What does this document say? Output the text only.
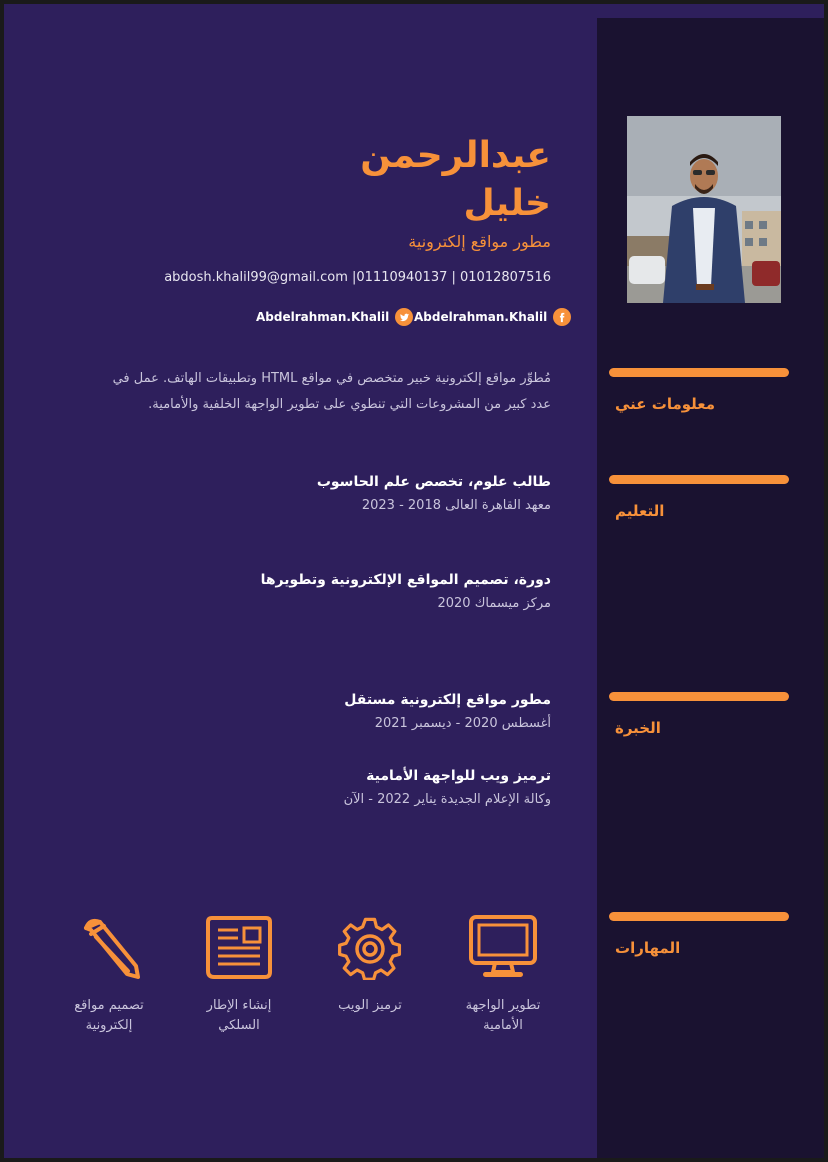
عبدالرحمن
خليل
مطور مواقع إلكترونية
abdosh.khalil99@gmail.com |01110940137 | 01012807516
Abdelrahman.Khalil Abdelrahman.Khalil
معلومات عني
التعليم
الخبرة
المهارات
مُطوِّر مواقع إلكترونية خبير متخصص في مواقع HTML وتطبيقات الهاتف. عمل في
عدد كبير من المشروعات التي تنطوي على تطوير الواجهة الخلفية والأمامية.
طالب علوم، تخصص علم الحاسوب
معهد القاهرة العالى 2018 - 2023
دورة، تصميم المواقع الإلكترونية وتطويرها
مركز ميسماك 2020
مطور مواقع إلكترونية مستقل
أغسطس 2020 - ديسمبر 2021
ترميز ويب للواجهة الأمامية
وكالة الإعلام الجديدة يناير 2022 - الآن
تطوير الواجهة
الأمامية
ترميز الويب
إنشاء الإطار
السلكي
تصميم مواقع
إلكترونية
